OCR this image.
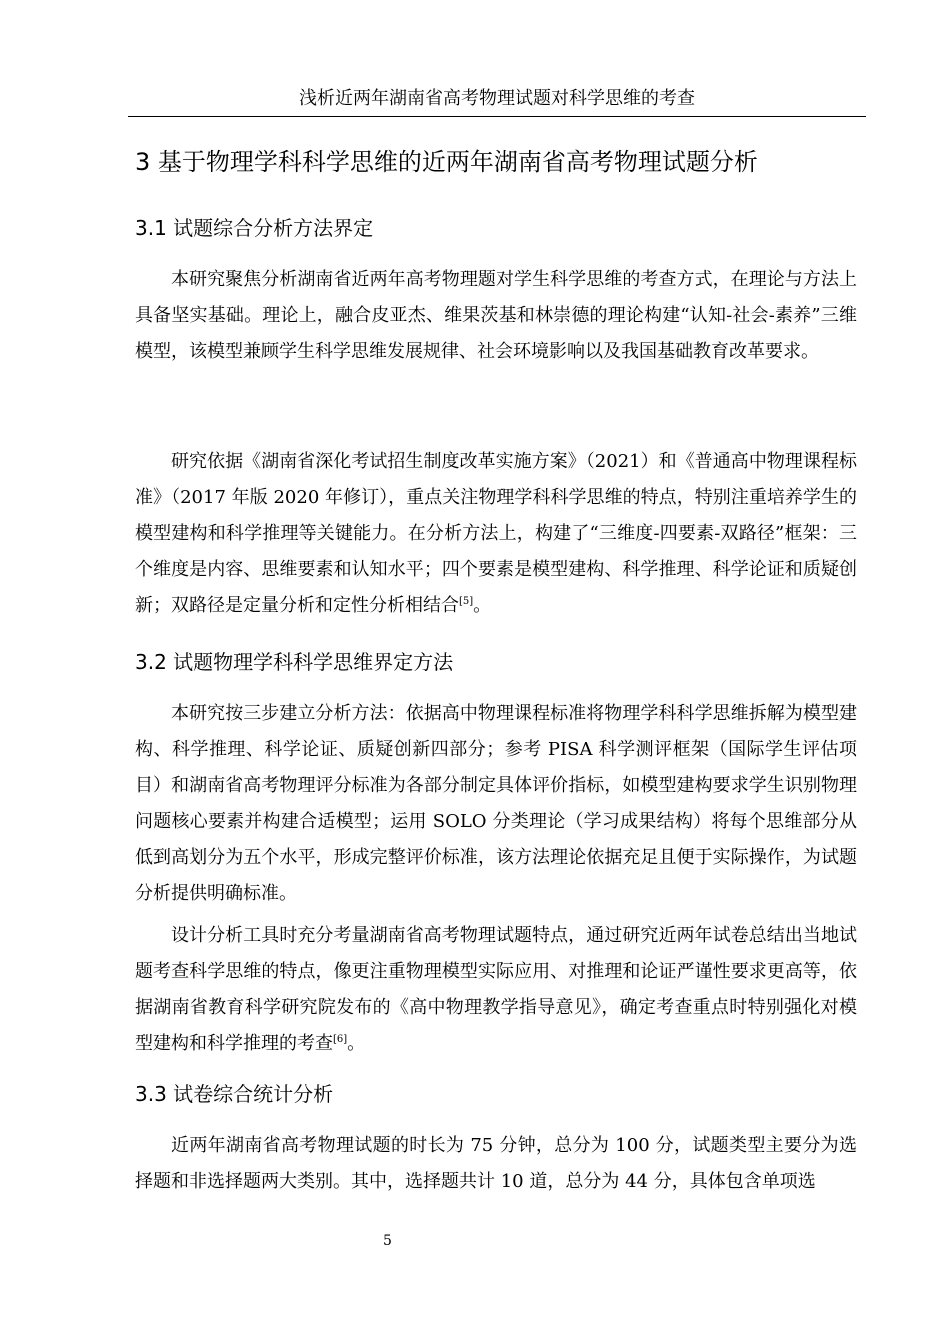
浅析近两年湖南省高考物理试题对科学思维的考查
3 基于物理学科科学思维的近两年湖南省高考物理试题分析
3.1 试题综合分析方法界定

本研究聚焦分析湖南省近两年高考物理题对学生科学思维的考查方式，在理论与方法上具备坚实基础。理论上，融合皮亚杰、维果茨基和林崇德的理论构建“认知-社会-素养”三维模型，该模型兼顾学生科学思维发展规律、社会环境影响以及我国基础教育改革要求。

研究依据《湖南省深化考试招生制度改革实施方案》（2021）和《普通高中物理课程标准》（2017 年版 2020 年修订），重点关注物理学科科学思维的特点，特别注重培养学生的模型建构和科学推理等关键能力。在分析方法上，构建了“三维度-四要素-双路径”框架：三个维度是内容、思维要素和认知水平；四个要素是模型建构、科学推理、科学论证和质疑创新；双路径是定量分析和定性分析相结合[5]。

3.2 试题物理学科科学思维界定方法

本研究按三步建立分析方法：依据高中物理课程标准将物理学科科学思维拆解为模型建构、科学推理、科学论证、质疑创新四部分；参考 PISA 科学测评框架（国际学生评估项目）和湖南省高考物理评分标准为各部分制定具体评价指标，如模型建构要求学生识别物理问题核心要素并构建合适模型；运用 SOLO 分类理论（学习成果结构）将每个思维部分从低到高划分为五个水平，形成完整评价标准，该方法理论依据充足且便于实际操作，为试题分析提供明确标准。

设计分析工具时充分考量湖南省高考物理试题特点，通过研究近两年试卷总结出当地试题考查科学思维的特点，像更注重物理模型实际应用、对推理和论证严谨性要求更高等，依据湖南省教育科学研究院发布的《高中物理教学指导意见》，确定考查重点时特别强化对模型建构和科学推理的考查[6]。

3.3 试卷综合统计分析

近两年湖南省高考物理试题的时长为 75 分钟，总分为 100 分，试题类型主要分为选择题和非选择题两大类别。其中，选择题共计 10 道，总分为 44 分，具体包含单项选

5
